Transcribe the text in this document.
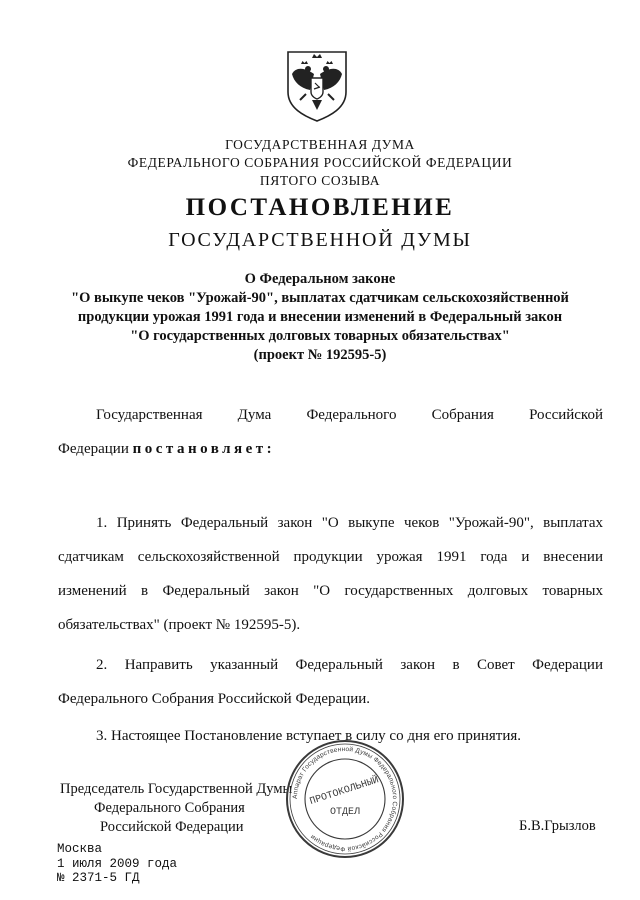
ГОСУДАРСТВЕННАЯ ДУМА
ФЕДЕРАЛЬНОГО СОБРАНИЯ РОССИЙСКОЙ ФЕДЕРАЦИИ
ПЯТОГО СОЗЫВА
ПОСТАНОВЛЕНИЕ
ГОСУДАРСТВЕННОЙ ДУМЫ
О Федеральном законе
"О выкупе чеков "Урожай-90", выплатах сдатчикам сельскохозяйственной
продукции урожая 1991 года и внесении изменений в Федеральный закон
"О государственных долговых товарных обязательствах"
(проект № 192595-5)
Государственная Дума Федерального Собрания Российской
Федерации постановляет:
1. Принять Федеральный закон "О выкупе чеков "Урожай-90", выплатах
сдатчикам сельскохозяйственной продукции урожая 1991 года и внесении
изменений в Федеральный закон "О государственных долговых товарных
обязательствах" (проект № 192595-5).
2. Направить указанный Федеральный закон в Совет Федерации
Федерального Собрания Российской Федерации.
3. Настоящее Постановление вступает в силу со дня его принятия.
Председатель Государственной Думы
Федерального Собрания
Российской Федерации	Б.В.Грызлов
Аппарат Государственной Думы Федерального Собрания Российской Федерации
ПРОТОКОЛЬНЫЙ
ОТДЕЛ
Москва
1 июля 2009 года
№ 2371-5 ГД
